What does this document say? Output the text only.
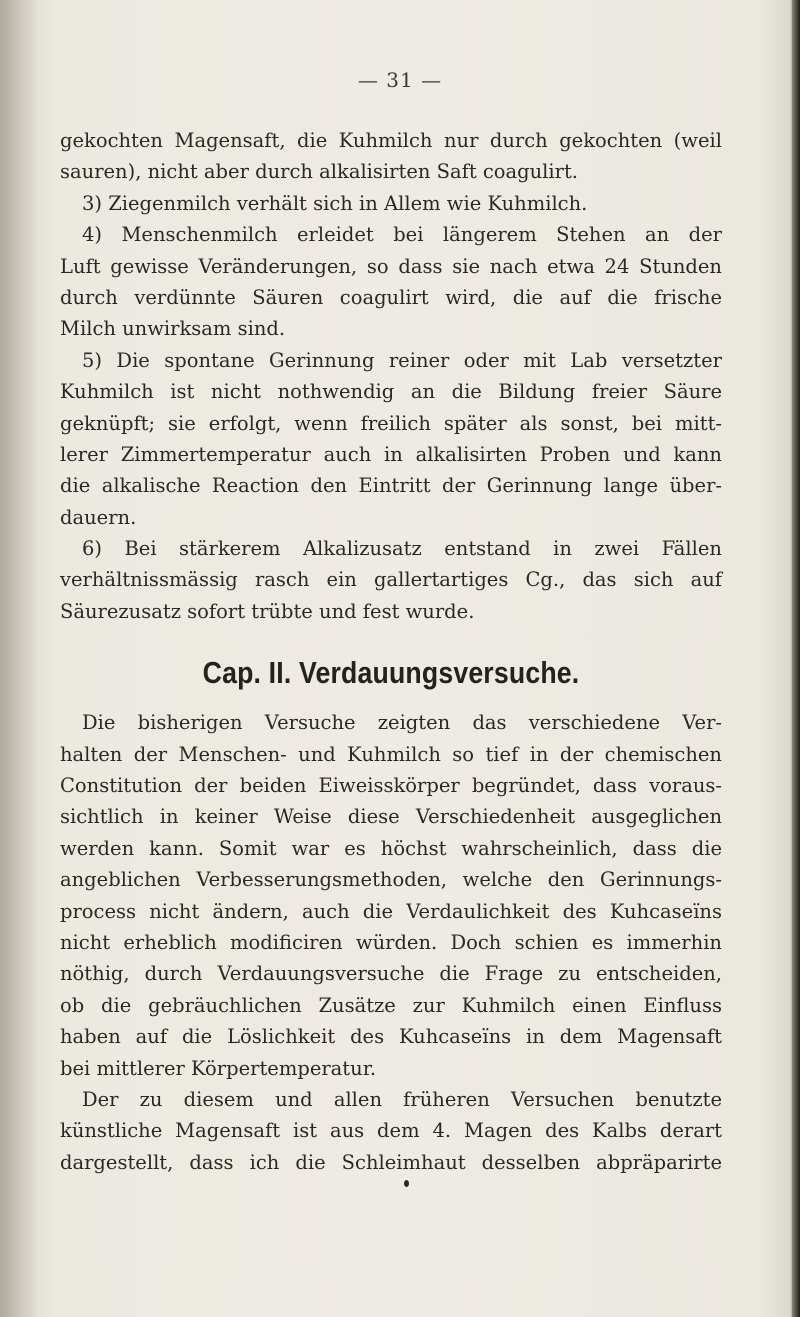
— 31 —
gekochten Magensaft, die Kuhmilch nur durch gekochten (weil
sauren), nicht aber durch alkalisirten Saft coagulirt.
3) Ziegenmilch verhält sich in Allem wie Kuhmilch.
4) Menschenmilch erleidet bei längerem Stehen an der
Luft gewisse Veränderungen, so dass sie nach etwa 24 Stunden
durch verdünnte Säuren coagulirt wird, die auf die frische
Milch unwirksam sind.
5) Die spontane Gerinnung reiner oder mit Lab versetzter
Kuhmilch ist nicht nothwendig an die Bildung freier Säure
geknüpft; sie erfolgt, wenn freilich später als sonst, bei mitt-
lerer Zimmertemperatur auch in alkalisirten Proben und kann
die alkalische Reaction den Eintritt der Gerinnung lange über-
dauern.
6) Bei stärkerem Alkalizusatz entstand in zwei Fällen
verhältnissmässig rasch ein gallertartiges Cg., das sich auf
Säurezusatz sofort trübte und fest wurde.
Cap. II. Verdauungsversuche.
Die bisherigen Versuche zeigten das verschiedene Ver-
halten der Menschen- und Kuhmilch so tief in der chemischen
Constitution der beiden Eiweisskörper begründet, dass voraus-
sichtlich in keiner Weise diese Verschiedenheit ausgeglichen
werden kann. Somit war es höchst wahrscheinlich, dass die
angeblichen Verbesserungsmethoden, welche den Gerinnungs-
process nicht ändern, auch die Verdaulichkeit des Kuhcaseïns
nicht erheblich modificiren würden. Doch schien es immerhin
nöthig, durch Verdauungsversuche die Frage zu entscheiden,
ob die gebräuchlichen Zusätze zur Kuhmilch einen Einfluss
haben auf die Löslichkeit des Kuhcaseïns in dem Magensaft
bei mittlerer Körpertemperatur.
Der zu diesem und allen früheren Versuchen benutzte
künstliche Magensaft ist aus dem 4. Magen des Kalbs derart
dargestellt, dass ich die Schleimhaut desselben abpräparirte
